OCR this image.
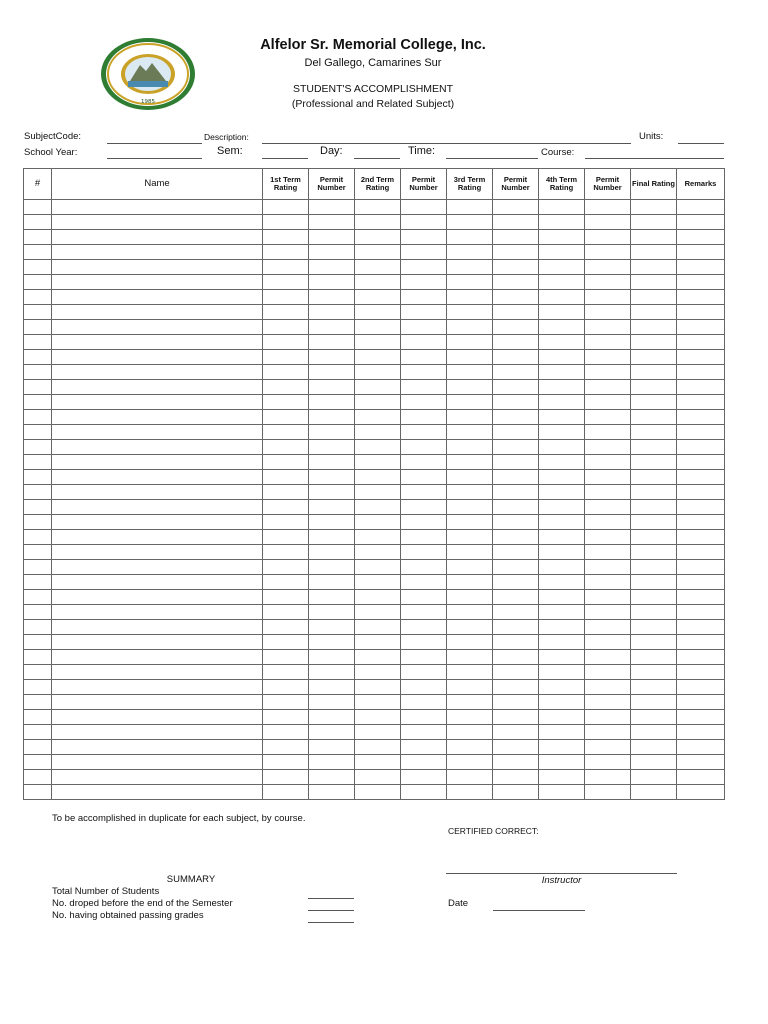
1985
Alfelor Sr. Memorial College, Inc.
Del Gallego, Camarines Sur
STUDENT'S ACCOMPLISHMENT
(Professional and Related Subject)
SubjectCode:	Description:	Units:
School Year:	Sem:	Day:	Time:	Course:
#	Name	1st Term Rating	Permit Number	2nd Term Rating	Permit Number	3rd Term Rating	Permit Number	4th Term Rating	Permit Number	Final Rating	Remarks

To be accomplished in duplicate for each subject, by course.
CERTIFIED CORRECT:
Instructor
SUMMARY
Total Number of Students
No. droped before the end of the Semester
No. having obtained passing grades
Date
